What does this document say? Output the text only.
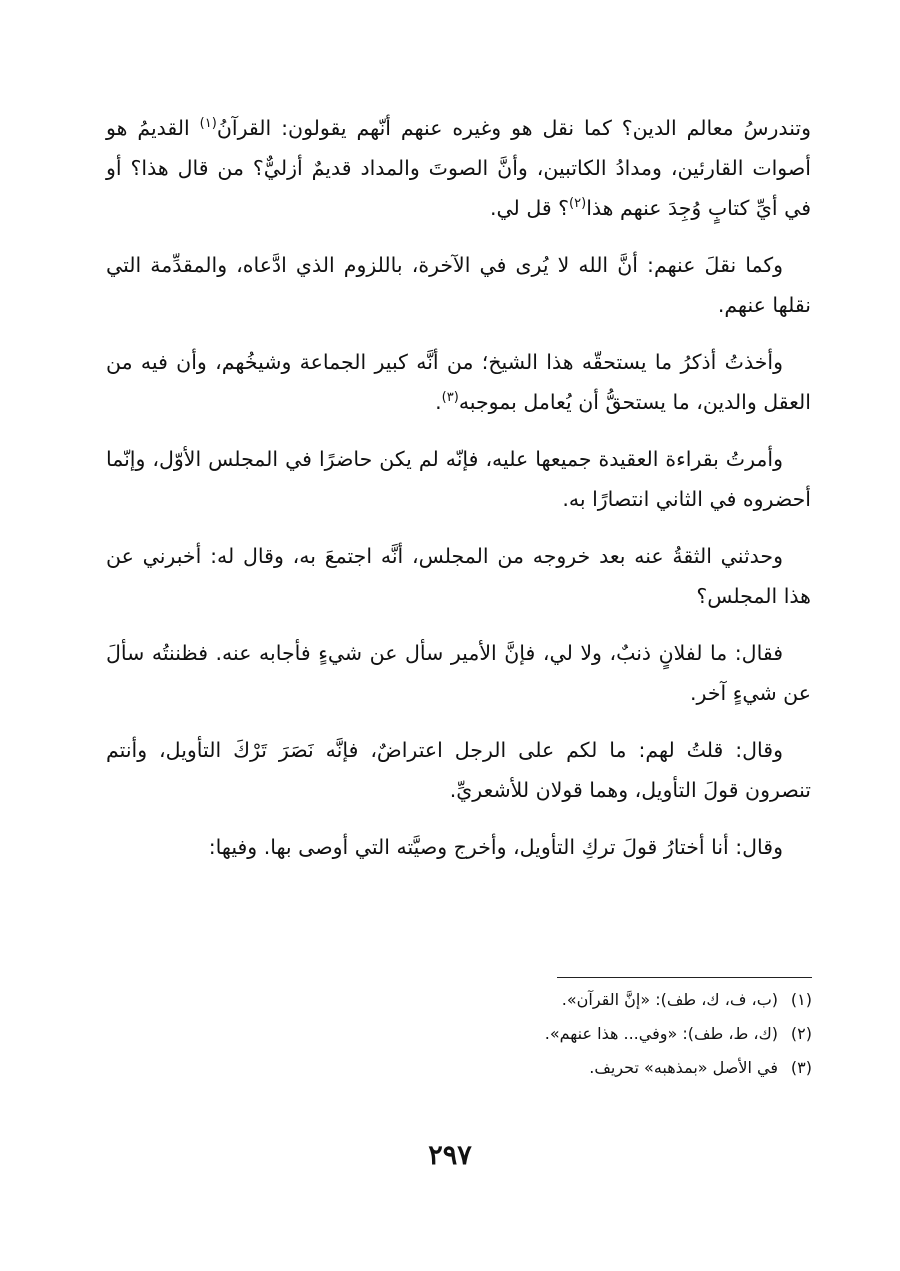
وتندرسُ معالم الدين؟ كما نقل هو وغيره عنهم أنّهم يقولون: القرآنُ$^{(١)}$ القديمُ هو أصوات القارئين، ومدادُ الكاتبين، وأنَّ الصوتَ والمداد قديمٌ أزليٌّ؟ من قال هذا؟ أو في أيِّ كتابٍ وُجِدَ عنهم هذا$^{(٢)}$؟ قل لي.

وكما نقلَ عنهم: أنَّ الله لا يُرى في الآخرة، باللزوم الذي ادَّعاه، والمقدِّمة التي نقلها عنهم.

وأخذتُ أذكرُ ما يستحقّه هذا الشيخ؛ من أنَّه كبير الجماعة وشيخُهم، وأن فيه من العقل والدين، ما يستحقُّ أن يُعامل بموجبه$^{(٣)}$.

وأمرتُ بقراءة العقيدة جميعها عليه، فإنّه لم يكن حاضرًا في المجلس الأوّل، وإنّما أحضروه في الثاني انتصارًا به.

وحدثني الثقةُ عنه بعد خروجه من المجلس، أنَّه اجتمعَ به، وقال له: أخبرني عن هذا المجلس؟

فقال: ما لفلانٍ ذنبٌ، ولا لي، فإنَّ الأمير سأل عن شيءٍ فأجابه عنه. فظننتُه سألَ عن شيءٍ آخر.

وقال: قلتُ لهم: ما لكم على الرجل اعتراضٌ، فإنَّه نَصَرَ تَرْكَ التأويل، وأنتم تنصرون قولَ التأويل، وهما قولان للأشعريِّ.

وقال: أنا أختارُ قولَ تركِ التأويل، وأخرج وصيَّته التي أوصى بها. وفيها:

(١)(ب، ف، ك، طف): «إنَّ القرآن».
(٢)(ك، ط، طف): «وفي... هذا عنهم».
(٣)في الأصل «بمذهبه» تحريف.
٢٩٧
